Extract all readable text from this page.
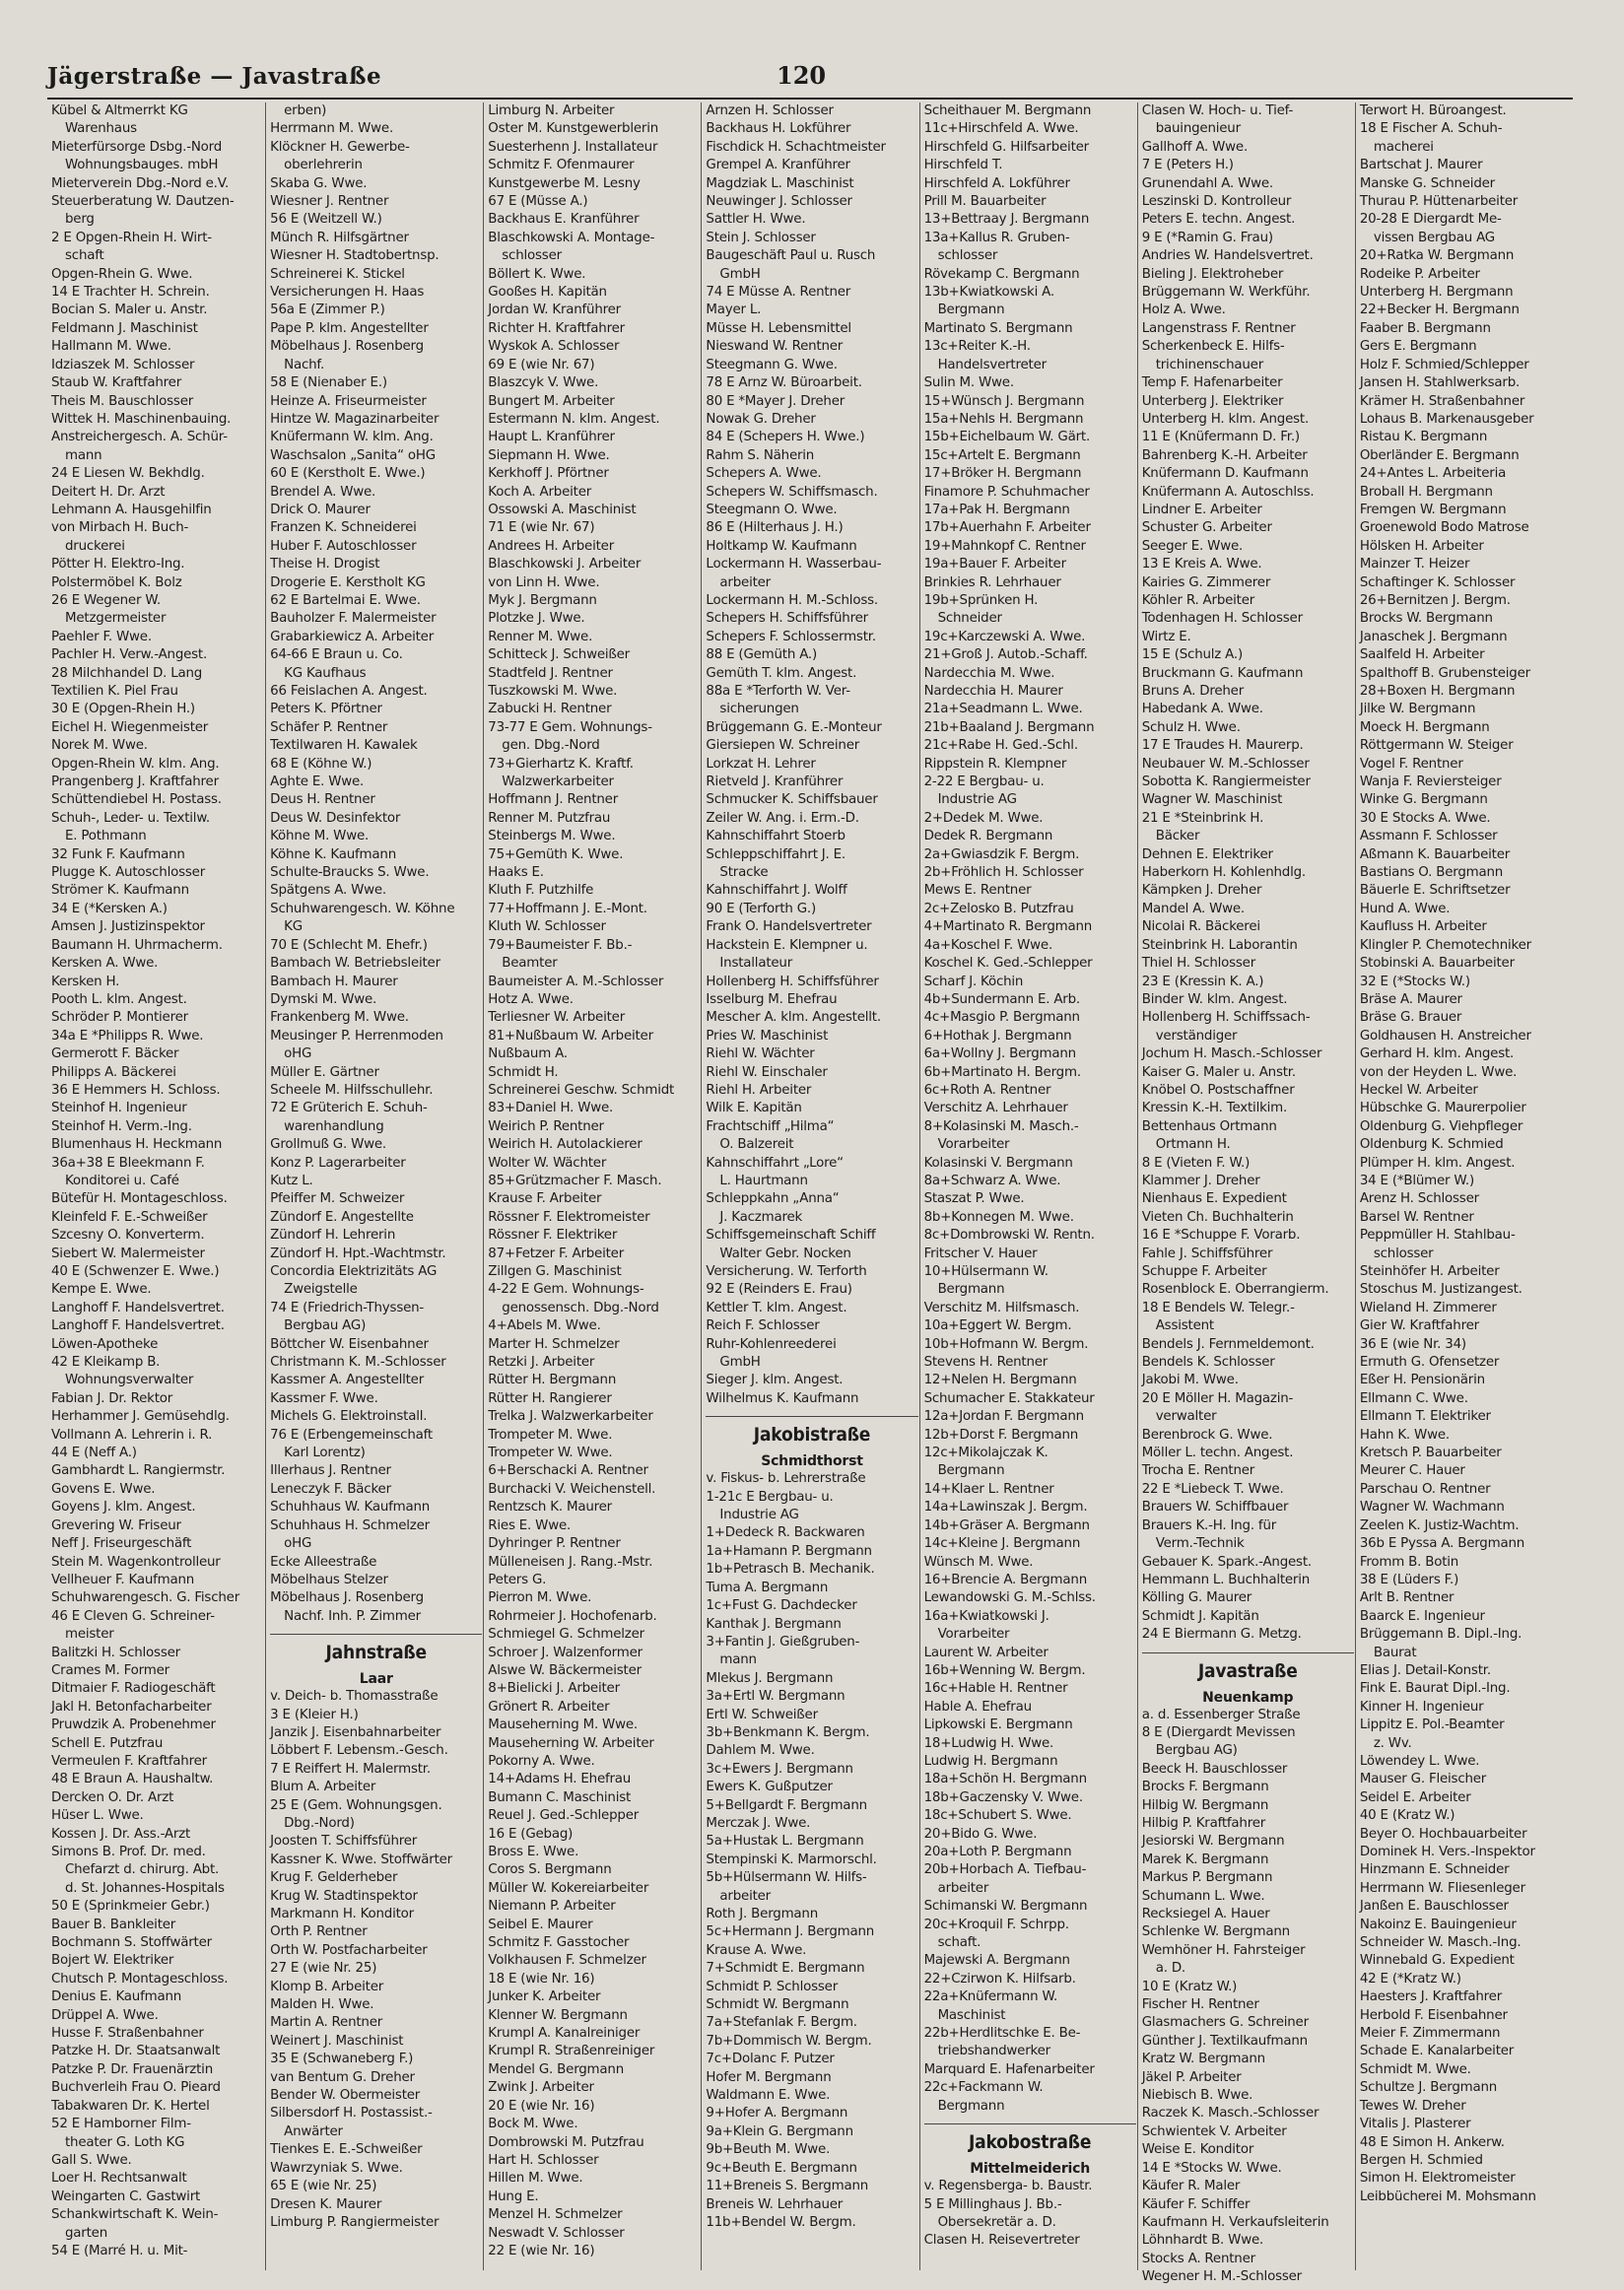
Jägerstraße — Javastraße	120
Kübel & Altmerrkt KG
Warenhaus
Mieterfürsorge Dsbg.-Nord
Wohnungsbauges. mbH
Mieterverein Dbg.-Nord e.V.
Steuerberatung W. Dautzen-
berg
2 E Opgen-Rhein H. Wirt-
schaft
Opgen-Rhein G. Wwe.
14 E Trachter H. Schrein.
Bocian S. Maler u. Anstr.
Feldmann J. Maschinist
Hallmann M. Wwe.
Idziaszek M. Schlosser
Staub W. Kraftfahrer
Theis M. Bauschlosser
Wittek H. Maschinenbauing.
Anstreichergesch. A. Schür-
mann
24 E Liesen W. Bekhdlg.
Deitert H. Dr. Arzt
Lehmann A. Hausgehilfin
von Mirbach H. Buch-
druckerei
Pötter H. Elektro-Ing.
Polstermöbel K. Bolz
26 E Wegener W.
Metzgermeister
Paehler F. Wwe.
Pachler H. Verw.-Angest.
28 Milchhandel D. Lang
Textilien K. Piel Frau
30 E (Opgen-Rhein H.)
Eichel H. Wiegenmeister
Norek M. Wwe.
Opgen-Rhein W. klm. Ang.
Prangenberg J. Kraftfahrer
Schüttendiebel H. Postass.
Schuh-, Leder- u. Textilw.
E. Pothmann
32 Funk F. Kaufmann
Plugge K. Autoschlosser
Strömer K. Kaufmann
34 E (*Kersken A.)
Amsen J. Justizinspektor
Baumann H. Uhrmacherm.
Kersken A. Wwe.
Kersken H.
Pooth L. klm. Angest.
Schröder P. Montierer
34a E *Philipps R. Wwe.
Germerott F. Bäcker
Philipps A. Bäckerei
36 E Hemmers H. Schloss.
Steinhof H. Ingenieur
Steinhof H. Verm.-Ing.
Blumenhaus H. Heckmann
36a+38 E Bleekmann F.
Konditorei u. Café
Bütefür H. Montageschloss.
Kleinfeld F. E.-Schweißer
Szcesny O. Konverterm.
Siebert W. Malermeister
40 E (Schwenzer E. Wwe.)
Kempe E. Wwe.
Langhoff F. Handelsvertret.
Langhoff F. Handelsvertret.
Löwen-Apotheke
42 E Kleikamp B.
Wohnungsverwalter
Fabian J. Dr. Rektor
Herhammer J. Gemüsehdlg.
Vollmann A. Lehrerin i. R.
44 E (Neff A.)
Gambhardt L. Rangiermstr.
Govens E. Wwe.
Goyens J. klm. Angest.
Grevering W. Friseur
Neff J. Friseurgeschäft
Stein M. Wagenkontrolleur
Vellheuer F. Kaufmann
Schuhwarengesch. G. Fischer
46 E Cleven G. Schreiner-
meister
Balitzki H. Schlosser
Crames M. Former
Ditmaier F. Radiogeschäft
Jakl H. Betonfacharbeiter
Pruwdzik A. Probenehmer
Schell E. Putzfrau
Vermeulen F. Kraftfahrer
48 E Braun A. Haushaltw.
Dercken O. Dr. Arzt
Hüser L. Wwe.
Kossen J. Dr. Ass.-Arzt
Simons B. Prof. Dr. med.
Chefarzt d. chirurg. Abt.
d. St. Johannes-Hospitals
50 E (Sprinkmeier Gebr.)
Bauer B. Bankleiter
Bochmann S. Stoffwärter
Bojert W. Elektriker
Chutsch P. Montageschloss.
Denius E. Kaufmann
Drüppel A. Wwe.
Husse F. Straßenbahner
Patzke H. Dr. Staatsanwalt
Patzke P. Dr. Frauenärztin
Buchverleih Frau O. Pieard
Tabakwaren Dr. K. Hertel
52 E Hamborner Film-
theater G. Loth KG
Gall S. Wwe.
Loer H. Rechtsanwalt
Weingarten C. Gastwirt
Schankwirtschaft K. Wein-
garten
54 E (Marré H. u. Mit-
erben)
Herrmann M. Wwe.
Klöckner H. Gewerbe-
oberlehrerin
Skaba G. Wwe.
Wiesner J. Rentner
56 E (Weitzell W.)
Münch R. Hilfsgärtner
Wiesner H. Stadtobertnsp.
Schreinerei K. Stickel
Versicherungen H. Haas
56a E (Zimmer P.)
Pape P. klm. Angestellter
Möbelhaus J. Rosenberg
Nachf.
58 E (Nienaber E.)
Heinze A. Friseurmeister
Hintze W. Magazinarbeiter
Knüfermann W. klm. Ang.
Waschsalon „Sanita“ oHG
60 E (Kerstholt E. Wwe.)
Brendel A. Wwe.
Drick O. Maurer
Franzen K. Schneiderei
Huber F. Autoschlosser
Theise H. Drogist
Drogerie E. Kerstholt KG
62 E Bartelmai E. Wwe.
Bauholzer F. Malermeister
Grabarkiewicz A. Arbeiter
64-66 E Braun u. Co.
KG Kaufhaus
66 Feislachen A. Angest.
Peters K. Pförtner
Schäfer P. Rentner
Textilwaren H. Kawalek
68 E (Köhne W.)
Aghte E. Wwe.
Deus H. Rentner
Deus W. Desinfektor
Köhne M. Wwe.
Köhne K. Kaufmann
Schulte-Braucks S. Wwe.
Spätgens A. Wwe.
Schuhwarengesch. W. Köhne
KG
70 E (Schlecht M. Ehefr.)
Bambach W. Betriebsleiter
Bambach H. Maurer
Dymski M. Wwe.
Frankenberg M. Wwe.
Meusinger P. Herrenmoden
oHG
Müller E. Gärtner
Scheele M. Hilfsschullehr.
72 E Grüterich E. Schuh-
warenhandlung
Grollmuß G. Wwe.
Konz P. Lagerarbeiter
Kutz L.
Pfeiffer M. Schweizer
Zündorf E. Angestellte
Zündorf H. Lehrerin
Zündorf H. Hpt.-Wachtmstr.
Concordia Elektrizitäts AG
Zweigstelle
74 E (Friedrich-Thyssen-
Bergbau AG)
Böttcher W. Eisenbahner
Christmann K. M.-Schlosser
Kassmer A. Angestellter
Kassmer F. Wwe.
Michels G. Elektroinstall.
76 E (Erbengemeinschaft
Karl Lorentz)
Illerhaus J. Rentner
Leneczyk F. Bäcker
Schuhhaus W. Kaufmann
Schuhhaus H. Schmelzer
oHG
Ecke Alleestraße
Möbelhaus Stelzer
Möbelhaus J. Rosenberg
Nachf. Inh. P. Zimmer
Jahnstraße
Laar
v. Deich- b. Thomasstraße
3 E (Kleier H.)
Janzik J. Eisenbahnarbeiter
Löbbert F. Lebensm.-Gesch.
7 E Reiffert H. Malermstr.
Blum A. Arbeiter
25 E (Gem. Wohnungsgen.
Dbg.-Nord)
Joosten T. Schiffsführer
Kassner K. Wwe. Stoffwärter
Krug F. Gelderheber
Krug W. Stadtinspektor
Markmann H. Konditor
Orth P. Rentner
Orth W. Postfacharbeiter
27 E (wie Nr. 25)
Klomp B. Arbeiter
Malden H. Wwe.
Martin A. Rentner
Weinert J. Maschinist
35 E (Schwaneberg F.)
van Bentum G. Dreher
Bender W. Obermeister
Silbersdorf H. Postassist.-
Anwärter
Tienkes E. E.-Schweißer
Wawrzyniak S. Wwe.
65 E (wie Nr. 25)
Dresen K. Maurer
Limburg P. Rangiermeister
Limburg N. Arbeiter
Oster M. Kunstgewerblerin
Suesterhenn J. Installateur
Schmitz F. Ofenmaurer
Kunstgewerbe M. Lesny
67 E (Müsse A.)
Backhaus E. Kranführer
Blaschkowski A. Montage-
schlosser
Böllert K. Wwe.
Gooßes H. Kapitän
Jordan W. Kranführer
Richter H. Kraftfahrer
Wyskok A. Schlosser
69 E (wie Nr. 67)
Blaszcyk V. Wwe.
Bungert M. Arbeiter
Estermann N. klm. Angest.
Haupt L. Kranführer
Siepmann H. Wwe.
Kerkhoff J. Pförtner
Koch A. Arbeiter
Ossowski A. Maschinist
71 E (wie Nr. 67)
Andrees H. Arbeiter
Blaschkowski J. Arbeiter
von Linn H. Wwe.
Myk J. Bergmann
Plotzke J. Wwe.
Renner M. Wwe.
Schitteck J. Schweißer
Stadtfeld J. Rentner
Tuszkowski M. Wwe.
Zabucki H. Rentner
73-77 E Gem. Wohnungs-
gen. Dbg.-Nord
73+Gierhartz K. Kraftf.
Walzwerkarbeiter
Hoffmann J. Rentner
Renner M. Putzfrau
Steinbergs M. Wwe.
75+Gemüth K. Wwe.
Haaks E.
Kluth F. Putzhilfe
77+Hoffmann J. E.-Mont.
Kluth W. Schlosser
79+Baumeister F. Bb.-
Beamter
Baumeister A. M.-Schlosser
Hotz A. Wwe.
Terliesner W. Arbeiter
81+Nußbaum W. Arbeiter
Nußbaum A.
Schmidt H.
Schreinerei Geschw. Schmidt
83+Daniel H. Wwe.
Weirich P. Rentner
Weirich H. Autolackierer
Wolter W. Wächter
85+Grützmacher F. Masch.
Krause F. Arbeiter
Rössner F. Elektromeister
Rössner F. Elektriker
87+Fetzer F. Arbeiter
Zillgen G. Maschinist
4-22 E Gem. Wohnungs-
genossensch. Dbg.-Nord
4+Abels M. Wwe.
Marter H. Schmelzer
Retzki J. Arbeiter
Rütter H. Bergmann
Rütter H. Rangierer
Trelka J. Walzwerkarbeiter
Trompeter M. Wwe.
Trompeter W. Wwe.
6+Berschacki A. Rentner
Burchacki V. Weichenstell.
Rentzsch K. Maurer
Ries E. Wwe.
Dyhringer P. Rentner
Mülleneisen J. Rang.-Mstr.
Peters G.
Pierron M. Wwe.
Rohrmeier J. Hochofenarb.
Schmiegel G. Schmelzer
Schroer J. Walzenformer
Alswe W. Bäckermeister
8+Bielicki J. Arbeiter
Grönert R. Arbeiter
Mauseherning M. Wwe.
Mauseherning W. Arbeiter
Pokorny A. Wwe.
14+Adams H. Ehefrau
Bumann C. Maschinist
Reuel J. Ged.-Schlepper
16 E (Gebag)
Bross E. Wwe.
Coros S. Bergmann
Müller W. Kokereiarbeiter
Niemann P. Arbeiter
Seibel E. Maurer
Schmitz F. Gasstocher
Volkhausen F. Schmelzer
18 E (wie Nr. 16)
Junker K. Arbeiter
Klenner W. Bergmann
Krumpl A. Kanalreiniger
Krumpl R. Straßenreiniger
Mendel G. Bergmann
Zwink J. Arbeiter
20 E (wie Nr. 16)
Bock M. Wwe.
Dombrowski M. Putzfrau
Hart H. Schlosser
Hillen M. Wwe.
Hung E.
Menzel H. Schmelzer
Neswadt V. Schlosser
22 E (wie Nr. 16)
Arnzen H. Schlosser
Backhaus H. Lokführer
Fischdick H. Schachtmeister
Grempel A. Kranführer
Magdziak L. Maschinist
Neuwinger J. Schlosser
Sattler H. Wwe.
Stein J. Schlosser
Baugeschäft Paul u. Rusch
GmbH
74 E Müsse A. Rentner
Mayer L.
Müsse H. Lebensmittel
Nieswand W. Rentner
Steegmann G. Wwe.
78 E Arnz W. Büroarbeit.
80 E *Mayer J. Dreher
Nowak G. Dreher
84 E (Schepers H. Wwe.)
Rahm S. Näherin
Schepers A. Wwe.
Schepers W. Schiffsmasch.
Steegmann O. Wwe.
86 E (Hilterhaus J. H.)
Holtkamp W. Kaufmann
Lockermann H. Wasserbau-
arbeiter
Lockermann H. M.-Schloss.
Schepers H. Schiffsführer
Schepers F. Schlossermstr.
88 E (Gemüth A.)
Gemüth T. klm. Angest.
88a E *Terforth W. Ver-
sicherungen
Brüggemann G. E.-Monteur
Giersiepen W. Schreiner
Lorkzat H. Lehrer
Rietveld J. Kranführer
Schmucker K. Schiffsbauer
Zeiler W. Ang. i. Erm.-D.
Kahnschiffahrt Stoerb
Schleppschiffahrt J. E.
Stracke
Kahnschiffahrt J. Wolff
90 E (Terforth G.)
Frank O. Handelsvertreter
Hackstein E. Klempner u.
Installateur
Hollenberg H. Schiffsführer
Isselburg M. Ehefrau
Mescher A. klm. Angestellt.
Pries W. Maschinist
Riehl W. Wächter
Riehl W. Einschaler
Riehl H. Arbeiter
Wilk E. Kapitän
Frachtschiff „Hilma“
O. Balzereit
Kahnschiffahrt „Lore“
L. Haurtmann
Schleppkahn „Anna“
J. Kaczmarek
Schiffsgemeinschaft Schiff
Walter Gebr. Nocken
Versicherung. W. Terforth
92 E (Reinders E. Frau)
Kettler T. klm. Angest.
Reich F. Schlosser
Ruhr-Kohlenreederei
GmbH
Sieger J. klm. Angest.
Wilhelmus K. Kaufmann
Jakobistraße
Schmidthorst
v. Fiskus- b. Lehrerstraße
1-21c E Bergbau- u.
Industrie AG
1+Dedeck R. Backwaren
1a+Hamann P. Bergmann
1b+Petrasch B. Mechanik.
Tuma A. Bergmann
1c+Fust G. Dachdecker
Kanthak J. Bergmann
3+Fantin J. Gießgruben-
mann
Mlekus J. Bergmann
3a+Ertl W. Bergmann
Ertl W. Schweißer
3b+Benkmann K. Bergm.
Dahlem M. Wwe.
3c+Ewers J. Bergmann
Ewers K. Gußputzer
5+Bellgardt F. Bergmann
Merczak J. Wwe.
5a+Hustak L. Bergmann
Stempinski K. Marmorschl.
5b+Hülsermann W. Hilfs-
arbeiter
Roth J. Bergmann
5c+Hermann J. Bergmann
Krause A. Wwe.
7+Schmidt E. Bergmann
Schmidt P. Schlosser
Schmidt W. Bergmann
7a+Stefanlak F. Bergm.
7b+Dommisch W. Bergm.
7c+Dolanc F. Putzer
Hofer M. Bergmann
Waldmann E. Wwe.
9+Hofer A. Bergmann
9a+Klein G. Bergmann
9b+Beuth M. Wwe.
9c+Beuth E. Bergmann
11+Breneis S. Bergmann
Breneis W. Lehrhauer
11b+Bendel W. Bergm.
Scheithauer M. Bergmann
11c+Hirschfeld A. Wwe.
Hirschfeld G. Hilfsarbeiter
Hirschfeld T.
Hirschfeld A. Lokführer
Prill M. Bauarbeiter
13+Bettraay J. Bergmann
13a+Kallus R. Gruben-
schlosser
Rövekamp C. Bergmann
13b+Kwiatkowski A.
Bergmann
Martinato S. Bergmann
13c+Reiter K.-H.
Handelsvertreter
Sulin M. Wwe.
15+Wünsch J. Bergmann
15a+Nehls H. Bergmann
15b+Eichelbaum W. Gärt.
15c+Artelt E. Bergmann
17+Bröker H. Bergmann
Finamore P. Schuhmacher
17a+Pak H. Bergmann
17b+Auerhahn F. Arbeiter
19+Mahnkopf C. Rentner
19a+Bauer F. Arbeiter
Brinkies R. Lehrhauer
19b+Sprünken H.
Schneider
19c+Karczewski A. Wwe.
21+Groß J. Autob.-Schaff.
Nardecchia M. Wwe.
Nardecchia H. Maurer
21a+Seadmann L. Wwe.
21b+Baaland J. Bergmann
21c+Rabe H. Ged.-Schl.
Rippstein R. Klempner
2-22 E Bergbau- u.
Industrie AG
2+Dedek M. Wwe.
Dedek R. Bergmann
2a+Gwiasdzik F. Bergm.
2b+Fröhlich H. Schlosser
Mews E. Rentner
2c+Zelosko B. Putzfrau
4+Martinato R. Bergmann
4a+Koschel F. Wwe.
Koschel K. Ged.-Schlepper
Scharf J. Köchin
4b+Sundermann E. Arb.
4c+Masgio P. Bergmann
6+Hothak J. Bergmann
6a+Wollny J. Bergmann
6b+Martinato H. Bergm.
6c+Roth A. Rentner
Verschitz A. Lehrhauer
8+Kolasinski M. Masch.-
Vorarbeiter
Kolasinski V. Bergmann
8a+Schwarz A. Wwe.
Staszat P. Wwe.
8b+Konnegen M. Wwe.
8c+Dombrowski W. Rentn.
Fritscher V. Hauer
10+Hülsermann W.
Bergmann
Verschitz M. Hilfsmasch.
10a+Eggert W. Bergm.
10b+Hofmann W. Bergm.
Stevens H. Rentner
12+Nelen H. Bergmann
Schumacher E. Stakkateur
12a+Jordan F. Bergmann
12b+Dorst F. Bergmann
12c+Mikolajczak K.
Bergmann
14+Klaer L. Rentner
14a+Lawinszak J. Bergm.
14b+Gräser A. Bergmann
14c+Kleine J. Bergmann
Wünsch M. Wwe.
16+Brencie A. Bergmann
Lewandowski G. M.-Schlss.
16a+Kwiatkowski J.
Vorarbeiter
Laurent W. Arbeiter
16b+Wenning W. Bergm.
16c+Hable H. Rentner
Hable A. Ehefrau
Lipkowski E. Bergmann
18+Ludwig H. Wwe.
Ludwig H. Bergmann
18a+Schön H. Bergmann
18b+Gaczensky V. Wwe.
18c+Schubert S. Wwe.
20+Bido G. Wwe.
20a+Loth P. Bergmann
20b+Horbach A. Tiefbau-
arbeiter
Schimanski W. Bergmann
20c+Kroquil F. Schrpp.
schaft.
Majewski A. Bergmann
22+Czirwon K. Hilfsarb.
22a+Knüfermann W.
Maschinist
22b+Herdlitschke E. Be-
triebshandwerker
Marquard E. Hafenarbeiter
22c+Fackmann W.
Bergmann
Jakobostraße
Mittelmeiderich
v. Regensberga- b. Baustr.
5 E Millinghaus J. Bb.-
Obersekretär a. D.
Clasen H. Reisevertreter
Clasen W. Hoch- u. Tief-
bauingenieur
Gallhoff A. Wwe.
7 E (Peters H.)
Grunendahl A. Wwe.
Leszinski D. Kontrolleur
Peters E. techn. Angest.
9 E (*Ramin G. Frau)
Andries W. Handelsvertret.
Bieling J. Elektroheber
Brüggemann W. Werkführ.
Holz A. Wwe.
Langenstrass F. Rentner
Scherkenbeck E. Hilfs-
trichinenschauer
Temp F. Hafenarbeiter
Unterberg J. Elektriker
Unterberg H. klm. Angest.
11 E (Knüfermann D. Fr.)
Bahrenberg K.-H. Arbeiter
Knüfermann D. Kaufmann
Knüfermann A. Autoschlss.
Lindner E. Arbeiter
Schuster G. Arbeiter
Seeger E. Wwe.
13 E Kreis A. Wwe.
Kairies G. Zimmerer
Köhler R. Arbeiter
Todenhagen H. Schlosser
Wirtz E.
15 E (Schulz A.)
Bruckmann G. Kaufmann
Bruns A. Dreher
Habedank A. Wwe.
Schulz H. Wwe.
17 E Traudes H. Maurerp.
Neubauer W. M.-Schlosser
Sobotta K. Rangiermeister
Wagner W. Maschinist
21 E *Steinbrink H.
Bäcker
Dehnen E. Elektriker
Haberkorn H. Kohlenhdlg.
Kämpken J. Dreher
Mandel A. Wwe.
Nicolai R. Bäckerei
Steinbrink H. Laborantin
Thiel H. Schlosser
23 E (Kressin K. A.)
Binder W. klm. Angest.
Hollenberg H. Schiffssach-
verständiger
Jochum H. Masch.-Schlosser
Kaiser G. Maler u. Anstr.
Knöbel O. Postschaffner
Kressin K.-H. Textilkim.
Bettenhaus Ortmann
Ortmann H.
8 E (Vieten F. W.)
Klammer J. Dreher
Nienhaus E. Expedient
Vieten Ch. Buchhalterin
16 E *Schuppe F. Vorarb.
Fahle J. Schiffsführer
Schuppe F. Arbeiter
Rosenblock E. Oberrangierm.
18 E Bendels W. Telegr.-
Assistent
Bendels J. Fernmeldemont.
Bendels K. Schlosser
Jakobi M. Wwe.
20 E Möller H. Magazin-
verwalter
Berenbrock G. Wwe.
Möller L. techn. Angest.
Trocha E. Rentner
22 E *Liebeck T. Wwe.
Brauers W. Schiffbauer
Brauers K.-H. Ing. für
Verm.-Technik
Gebauer K. Spark.-Angest.
Hemmann L. Buchhalterin
Kölling G. Maurer
Schmidt J. Kapitän
24 E Biermann G. Metzg.
Javastraße
Neuenkamp
a. d. Essenberger Straße
8 E (Diergardt Mevissen
Bergbau AG)
Beeck H. Bauschlosser
Brocks F. Bergmann
Hilbig W. Bergmann
Hilbig P. Kraftfahrer
Jesiorski W. Bergmann
Marek K. Bergmann
Markus P. Bergmann
Schumann L. Wwe.
Recksiegel A. Hauer
Schlenke W. Bergmann
Wemhöner H. Fahrsteiger
a. D.
10 E (Kratz W.)
Fischer H. Rentner
Glasmachers G. Schreiner
Günther J. Textilkaufmann
Kratz W. Bergmann
Jäkel P. Arbeiter
Niebisch B. Wwe.
Raczek K. Masch.-Schlosser
Schwientek V. Arbeiter
Weise E. Konditor
14 E *Stocks W. Wwe.
Käufer R. Maler
Käufer F. Schiffer
Kaufmann H. Verkaufsleiterin
Löhnhardt B. Wwe.
Stocks A. Rentner
Wegener H. M.-Schlosser
Terwort H. Büroangest.
18 E Fischer A. Schuh-
macherei
Bartschat J. Maurer
Manske G. Schneider
Thurau P. Hüttenarbeiter
20-28 E Diergardt Me-
vissen Bergbau AG
20+Ratka W. Bergmann
Rodeike P. Arbeiter
Unterberg H. Bergmann
22+Becker H. Bergmann
Faaber B. Bergmann
Gers E. Bergmann
Holz F. Schmied/Schlepper
Jansen H. Stahlwerksarb.
Krämer H. Straßenbahner
Lohaus B. Markenausgeber
Ristau K. Bergmann
Oberländer E. Bergmann
24+Antes L. Arbeiteria
Broball H. Bergmann
Fremgen W. Bergmann
Groenewold Bodo Matrose
Hölsken H. Arbeiter
Mainzer T. Heizer
Schaftinger K. Schlosser
26+Bernitzen J. Bergm.
Brocks W. Bergmann
Janaschek J. Bergmann
Saalfeld H. Arbeiter
Spalthoff B. Grubensteiger
28+Boxen H. Bergmann
Jilke W. Bergmann
Moeck H. Bergmann
Röttgermann W. Steiger
Vogel F. Rentner
Wanja F. Reviersteiger
Winke G. Bergmann
30 E Stocks A. Wwe.
Assmann F. Schlosser
Aßmann K. Bauarbeiter
Bastians O. Bergmann
Bäuerle E. Schriftsetzer
Hund A. Wwe.
Kaufluss H. Arbeiter
Klingler P. Chemotechniker
Stobinski A. Bauarbeiter
32 E (*Stocks W.)
Bräse A. Maurer
Bräse G. Brauer
Goldhausen H. Anstreicher
Gerhard H. klm. Angest.
von der Heyden L. Wwe.
Heckel W. Arbeiter
Hübschke G. Maurerpolier
Oldenburg G. Viehpfleger
Oldenburg K. Schmied
Plümper H. klm. Angest.
34 E (*Blümer W.)
Arenz H. Schlosser
Barsel W. Rentner
Peppmüller H. Stahlbau-
schlosser
Steinhöfer H. Arbeiter
Stoschus M. Justizangest.
Wieland H. Zimmerer
Gier W. Kraftfahrer
36 E (wie Nr. 34)
Ermuth G. Ofensetzer
Eßer H. Pensionärin
Ellmann C. Wwe.
Ellmann T. Elektriker
Hahn K. Wwe.
Kretsch P. Bauarbeiter
Meurer C. Hauer
Parschau O. Rentner
Wagner W. Wachmann
Zeelen K. Justiz-Wachtm.
36b E Pyssa A. Bergmann
Fromm B. Botin
38 E (Lüders F.)
Arlt B. Rentner
Baarck E. Ingenieur
Brüggemann B. Dipl.-Ing.
Baurat
Elias J. Detail-Konstr.
Fink E. Baurat Dipl.-Ing.
Kinner H. Ingenieur
Lippitz E. Pol.-Beamter
z. Wv.
Löwendey L. Wwe.
Mauser G. Fleischer
Seidel E. Arbeiter
40 E (Kratz W.)
Beyer O. Hochbauarbeiter
Dominek H. Vers.-Inspektor
Hinzmann E. Schneider
Herrmann W. Fliesenleger
Janßen E. Bauschlosser
Nakoinz E. Bauingenieur
Schneider W. Masch.-Ing.
Winnebald G. Expedient
42 E (*Kratz W.)
Haesters J. Kraftfahrer
Herbold F. Eisenbahner
Meier F. Zimmermann
Schade E. Kanalarbeiter
Schmidt M. Wwe.
Schultze J. Bergmann
Tewes W. Dreher
Vitalis J. Plasterer
48 E Simon H. Ankerw.
Bergen H. Schmied
Simon H. Elektromeister
Leibbücherei M. Mohsmann
